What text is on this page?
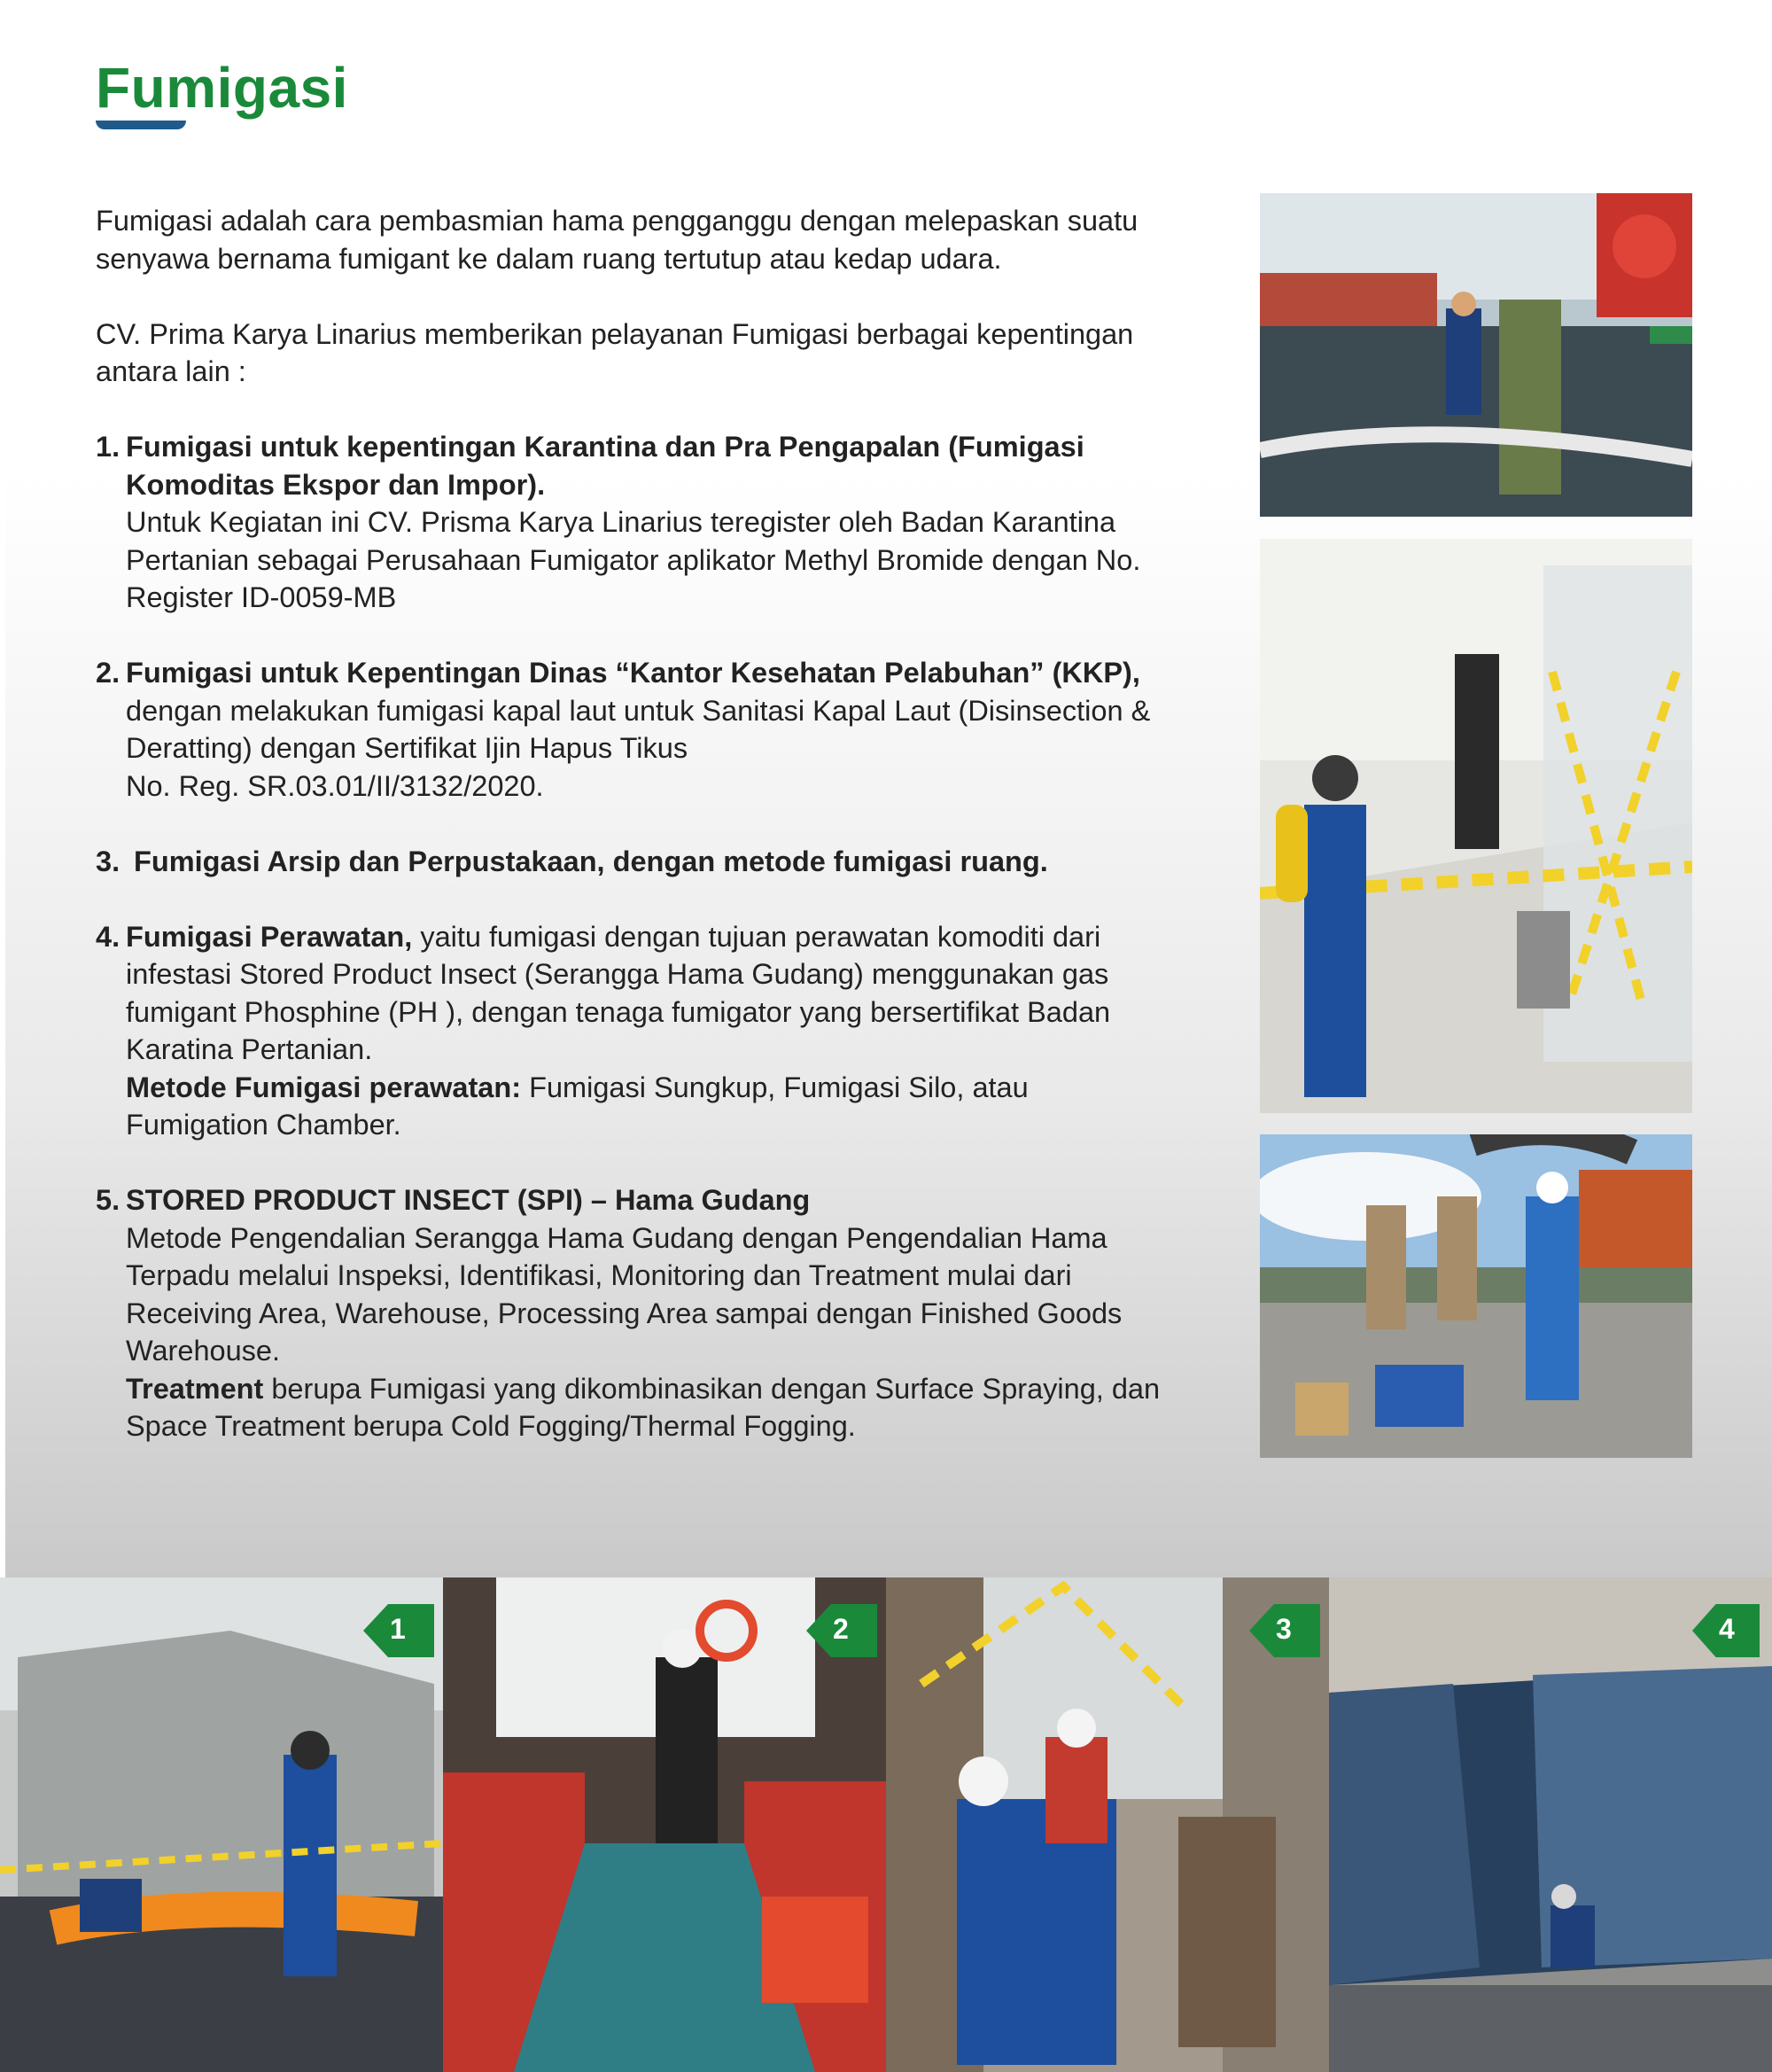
Fumigasi

Fumigasi adalah cara pembasmian hama pengganggu dengan melepaskan suatu senyawa bernama fumigant ke dalam ruang tertutup atau kedap udara.

CV. Prima Karya Linarius memberikan pelayanan Fumigasi berbagai kepentingan antara lain :

1. Fumigasi untuk kepentingan Karantina dan Pra Pengapalan (Fumigasi Komoditas Ekspor dan Impor).
Untuk Kegiatan ini CV. Prisma Karya Linarius teregister oleh Badan Karantina Pertanian sebagai Perusahaan Fumigator aplikator Methyl Bromide dengan No. Register ID-0059-MB
2. Fumigasi untuk Kepentingan Dinas “Kantor Kesehatan Pelabuhan” (KKP),
dengan melakukan fumigasi kapal laut untuk Sanitasi Kapal Laut (Disinsection & Deratting) dengan Sertifikat Ijin Hapus Tikus
No. Reg. SR.03.01/II/3132/2020.
3. Fumigasi Arsip dan Perpustakaan, dengan metode fumigasi ruang.
4. Fumigasi Perawatan, yaitu fumigasi dengan tujuan perawatan komoditi dari infestasi Stored Product Insect (Serangga Hama Gudang) menggunakan gas fumigant Phosphine (PH ), dengan tenaga fumigator yang bersertifikat Badan Karatina Pertanian.
Metode Fumigasi perawatan: Fumigasi Sungkup, Fumigasi Silo, atau Fumigation Chamber.
5. STORED PRODUCT INSECT (SPI) – Hama Gudang
Metode Pengendalian Serangga Hama Gudang dengan Pengendalian Hama Terpadu melalui Inspeksi, Identifikasi, Monitoring dan Treatment mulai dari Receiving Area, Warehouse, Processing Area sampai dengan Finished Goods Warehouse.
Treatment berupa Fumigasi yang dikombinasikan dengan Surface Spraying, dan Space Treatment berupa Cold Fogging/Thermal Fogging.
1	2	3	4
